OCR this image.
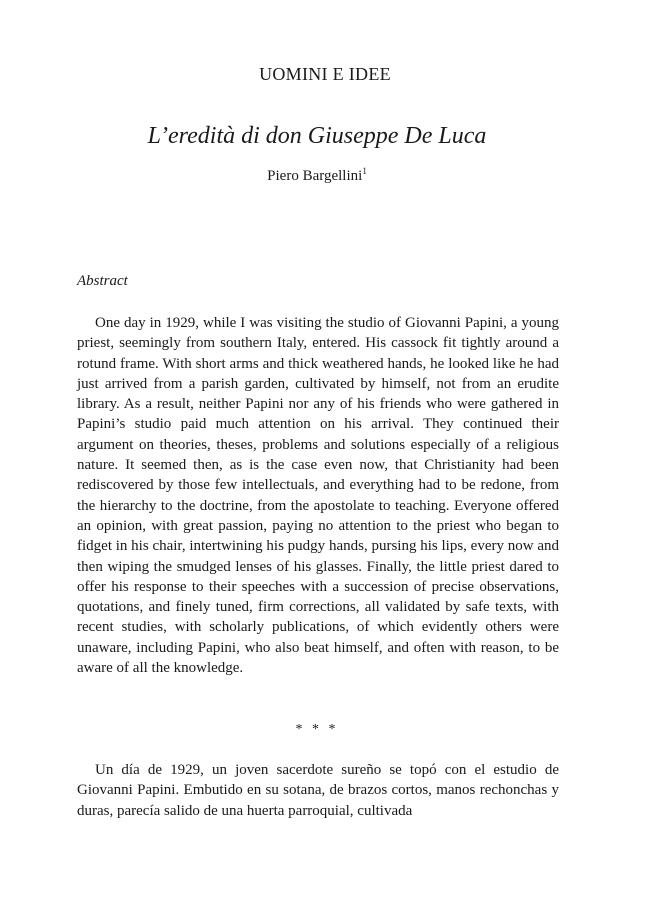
UOMINI E IDEE
L’eredità di don Giuseppe De Luca
Piero Bargellini$^1$
Abstract

One day in 1929, while I was visiting the studio of Giovanni Papini, a young priest, seemingly from southern Italy, entered. His cassock fit tightly around a rotund frame. With short arms and thick weathered hands, he looked like he had just arrived from a parish garden, cultivated by himself, not from an erudite library. As a result, neither Papini nor any of his friends who were gathered in Papini’s studio paid much attention on his arrival. They continued their argument on theories, theses, problems and solutions especially of a religious nature. It seemed then, as is the case even now, that Christianity had been rediscovered by those few intellectuals, and everything had to be redone, from the hierarchy to the doctrine, from the apostolate to teaching. Everyone offered an opinion, with great passion, paying no attention to the priest who began to fidget in his chair, intertwining his pudgy hands, pursing his lips, every now and then wiping the smudged lenses of his glasses. Finally, the little priest dared to offer his response to their speeches with a succession of precise observations, quotations, and finely tuned, firm corrections, all validated by safe texts, with recent studies, with scholarly publications, of which evidently others were unaware, including Papini, who also beat himself, and often with reason, to be aware of all the knowledge.

* * *

Un día de 1929, un joven sacerdote sureño se topó con el estudio de Giovanni Papini. Embutido en su sotana, de brazos cortos, manos rechonchas y duras, parecía salido de una huerta parroquial, cultivada
